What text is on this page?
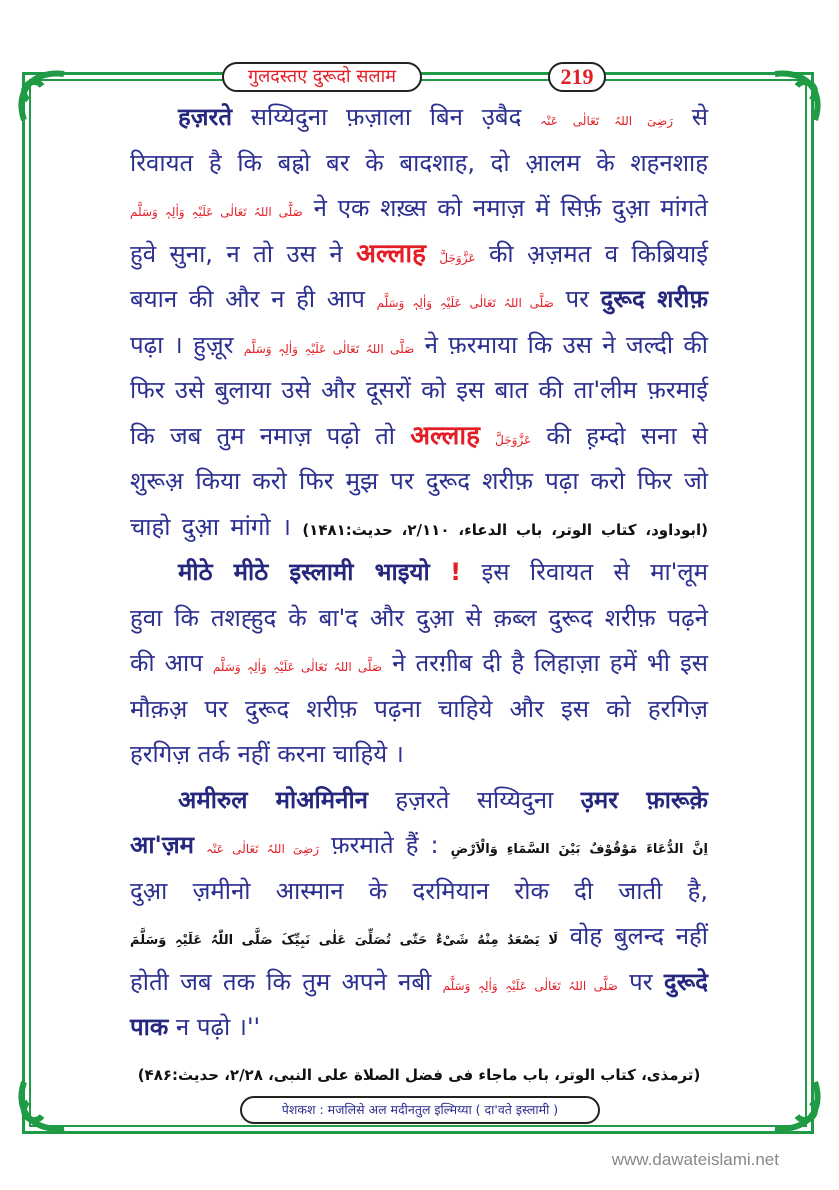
गुलदस्तए दुरूदो सलाम	219
हज़रते सय्यिदुना फ़ज़ाला बिन उ़बैद رَضِیَ اللہُ تَعَالٰی عَنْہ से
रिवायत है कि बह्रो बर के बादशाह, दो आ़लम के शहनशाह
صَلَّی اللہُ تَعَالٰی عَلَیْہِ وَاٰلِہٖ وَسَلَّم ने एक शख़्स को नमाज़ में सिर्फ़ दुआ़ मांगते
हुवे सुना, न तो उस ने अल्लाह عَزَّوَجَلَّ की अ़ज़मत व किब्रियाई
बयान की और न ही आप صَلَّی اللہُ تَعَالٰی عَلَیْہِ وَاٰلِہٖ وَسَلَّم पर दुरूद शरीफ़
पढ़ा । हुज़ूर صَلَّی اللہُ تَعَالٰی عَلَیْہِ وَاٰلِہٖ وَسَلَّم ने फ़रमाया कि उस ने जल्दी की
फिर उसे बुलाया उसे और दूसरों को इस बात की ता'लीम फ़रमाई
कि जब तुम नमाज़ पढ़ो तो अल्लाह عَزَّوَجَلَّ की ह़म्दो सना से
शुरूअ़ किया करो फिर मुझ पर दुरूद शरीफ़ पढ़ा करो फिर जो
चाहो दुआ़ मांगो । (ابوداود، کتاب الوتر، باب الدعاء، ۲/۱۱۰، حدیث:۱۴۸۱)
मीठे मीठे इस्लामी भाइयो ! इस रिवायत से मा'लूम
हुवा कि तशह्हुद के बा'द और दुआ़ से क़ब्ल दुरूद शरीफ़ पढ़ने
की आप صَلَّی اللہُ تَعَالٰی عَلَیْہِ وَاٰلِہٖ وَسَلَّم ने तरग़ीब दी है लिहाज़ा हमें भी इस
मौक़अ़ पर दुरूद शरीफ़ पढ़ना चाहिये और इस को हरगिज़
हरगिज़ तर्क नहीं करना चाहिये ।
अमीरुल मोअमिनीन हज़रते सय्यिदुना उ़मर फ़ारूक़े
आ'ज़म رَضِیَ اللہُ تَعَالٰی عَنْہ फ़रमाते हैं : اِنَّ الدُّعَاءَ مَوْقُوْفٌ بَیْنَ السَّمَاءِ وَالْاَرْضِ
दुआ़ ज़मीनो आस्मान के दरमियान रोक दी जाती है,
لَا یَصْعَدُ مِنْهُ شَیْءٌ حَتّٰی تُصَلِّیَ عَلٰی نَبِیِّکَ صَلَّی اللّٰہُ عَلَیْہِ وَسَلَّمَ वोह बुलन्द नहीं
होती जब तक कि तुम अपने नबी صَلَّی اللہُ تَعَالٰی عَلَیْہِ وَاٰلِہٖ وَسَلَّم पर दुरूदे
पाक न पढ़ो ।''
(ترمذی، کتاب الوتر، باب ماجاء فی فضل الصلاة علی النبی، ۲/۲۸، حدیث:۴۸۶)
पेशकश : मजलिसे अल मदीनतुल इल्मिय्या ( दा'वते इस्लामी )
www.dawateislami.net
